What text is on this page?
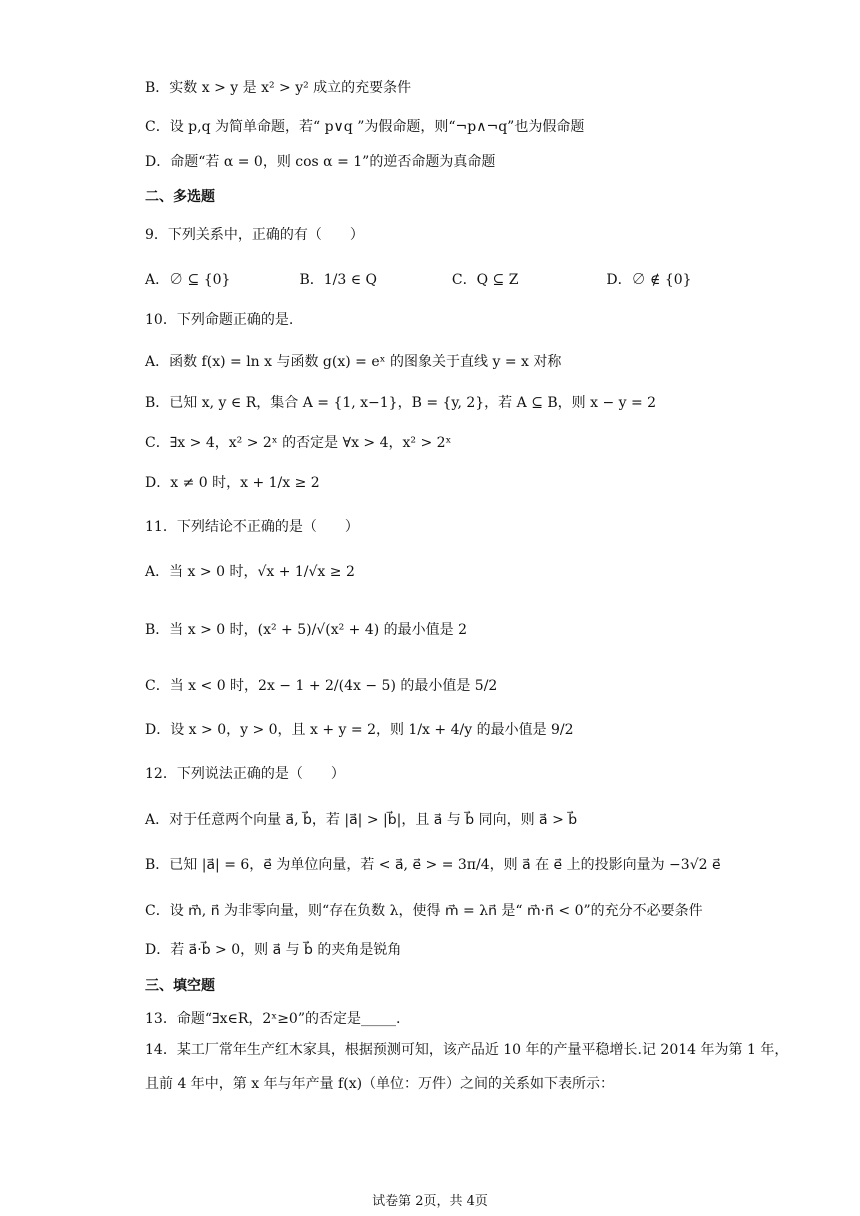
B．实数 x > y 是 x² > y² 成立的充要条件
C．设 p,q 为简单命题，若“ p∨q ”为假命题，则“¬p∧¬q”也为假命题
D．命题“若 α = 0，则 cos α = 1”的逆否命题为真命题
二、多选题
9．下列关系中，正确的有（　　）
A．∅ ⊆ {0}	B．1/3 ∈ Q	C．Q ⊆ Z	D．∅ ∉ {0}
10．下列命题正确的是.
A．函数 f(x) = ln x 与函数 g(x) = eˣ 的图象关于直线 y = x 对称
B．已知 x, y ∈ R，集合 A = {1, x−1}，B = {y, 2}，若 A ⊆ B，则 x − y = 2
C．∃x > 4，x² > 2ˣ 的否定是 ∀x > 4，x² > 2ˣ
D．x ≠ 0 时，x + 1/x ≥ 2
11．下列结论不正确的是（　　）
A．当 x > 0 时，√x + 1/√x ≥ 2
B．当 x > 0 时，(x² + 5)/√(x² + 4) 的最小值是 2
C．当 x < 0 时，2x − 1 + 2/(4x − 5) 的最小值是 5/2
D．设 x > 0，y > 0，且 x + y = 2，则 1/x + 4/y 的最小值是 9/2
12．下列说法正确的是（　　）
A．对于任意两个向量 a⃗, b⃗，若 |a⃗| > |b⃗|，且 a⃗ 与 b⃗ 同向，则 a⃗ > b⃗
B．已知 |a⃗| = 6，e⃗ 为单位向量，若 < a⃗, e⃗ > = 3π/4，则 a⃗ 在 e⃗ 上的投影向量为 −3√2 e⃗
C．设 m⃗, n⃗ 为非零向量，则“存在负数 λ，使得 m⃗ = λn⃗ 是“ m⃗·n⃗ < 0”的充分不必要条件
D．若 a⃗·b⃗ > 0，则 a⃗ 与 b⃗ 的夹角是锐角
三、填空题
13．命题“∃x∈R，2ˣ≥0”的否定是_____.
14．某工厂常年生产红木家具，根据预测可知，该产品近 10 年的产量平稳增长.记 2014 年为第 1 年，且前 4 年中，第 x 年与年产量 f(x)（单位：万件）之间的关系如下表所示：
试卷第 2页，共 4页
